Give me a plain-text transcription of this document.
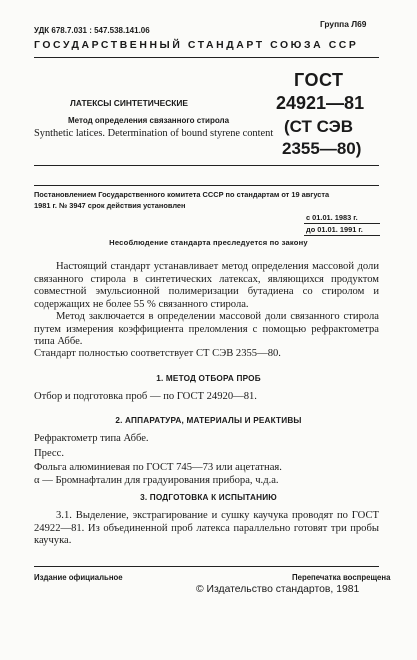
УДК 678.7.031 : 547.538.141.06
Группа Л69
ГОСУДАРСТВЕННЫЙ СТАНДАРТ СОЮЗА ССР
ЛАТЕКСЫ СИНТЕТИЧЕСКИЕ
Метод определения связанного стирола
Synthetic latices. Determination of bound styrene content
ГОСТ
24921—81
(СТ СЭВ
2355—80)
Постановлением Государственного комитета СССР по стандартам от 19 августа
1981 г. № 3947 срок действия установлен
с 01.01. 1983 г.
до 01.01. 1991 г.
Несоблюдение стандарта преследуется по закону
Настоящий стандарт устанавливает метод определения массовой доли связанного стирола в синтетических латексах, являющихся продуктом совместной эмульсионной полимеризации бутадиена со стиролом и содержащих не более 55 % связанного стирола.
Метод заключается в определении массовой доли связанного стирола путем измерения коэффициента преломления с помощью рефрактометра типа Аббе.
Стандарт полностью соответствует СТ СЭВ 2355—80.
1. МЕТОД ОТБОРА ПРОБ
Отбор и подготовка проб — по ГОСТ 24920—81.
2. АППАРАТУРА, МАТЕРИАЛЫ И РЕАКТИВЫ
Рефрактометр типа Аббе.
Пресс.
Фольга алюминиевая по ГОСТ 745—73 или ацетатная.
α — Бромнафталин для градуирования прибора, ч.д.а.
3. ПОДГОТОВКА К ИСПЫТАНИЮ
3.1. Выделение, экстрагирование и сушку каучука проводят по ГОСТ 24922—81. Из объединенной проб латекса параллельно готовят три пробы каучука.
Издание официальное	Перепечатка воспрещена
© Издательство стандартов, 1981
